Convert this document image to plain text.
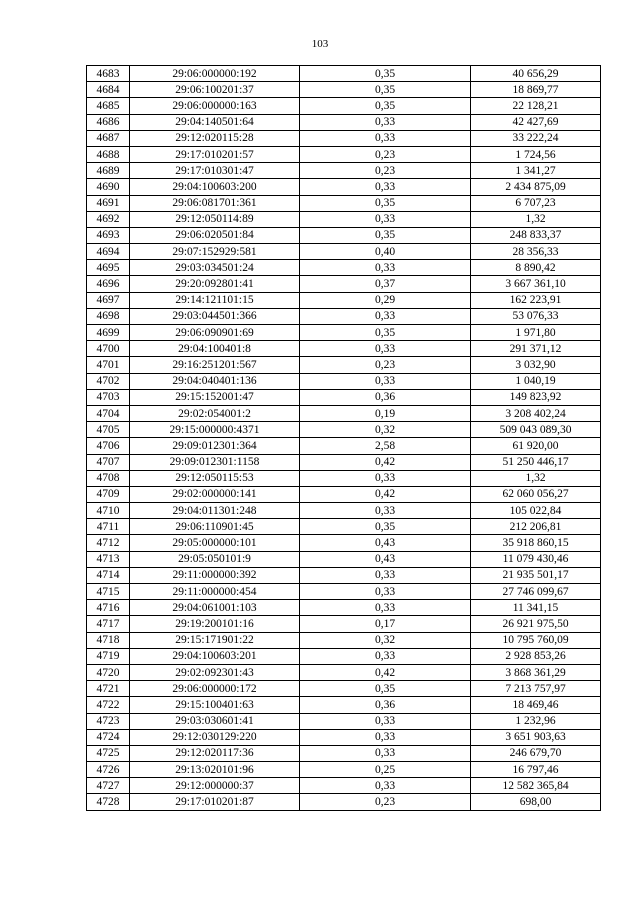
103
4683	29:06:000000:192	0,35	40 656,29
4684	29:06:100201:37	0,35	18 869,77
4685	29:06:000000:163	0,35	22 128,21
4686	29:04:140501:64	0,33	42 427,69
4687	29:12:020115:28	0,33	33 222,24
4688	29:17:010201:57	0,23	1 724,56
4689	29:17:010301:47	0,23	1 341,27
4690	29:04:100603:200	0,33	2 434 875,09
4691	29:06:081701:361	0,35	6 707,23
4692	29:12:050114:89	0,33	1,32
4693	29:06:020501:84	0,35	248 833,37
4694	29:07:152929:581	0,40	28 356,33
4695	29:03:034501:24	0,33	8 890,42
4696	29:20:092801:41	0,37	3 667 361,10
4697	29:14:121101:15	0,29	162 223,91
4698	29:03:044501:366	0,33	53 076,33
4699	29:06:090901:69	0,35	1 971,80
4700	29:04:100401:8	0,33	291 371,12
4701	29:16:251201:567	0,23	3 032,90
4702	29:04:040401:136	0,33	1 040,19
4703	29:15:152001:47	0,36	149 823,92
4704	29:02:054001:2	0,19	3 208 402,24
4705	29:15:000000:4371	0,32	509 043 089,30
4706	29:09:012301:364	2,58	61 920,00
4707	29:09:012301:1158	0,42	51 250 446,17
4708	29:12:050115:53	0,33	1,32
4709	29:02:000000:141	0,42	62 060 056,27
4710	29:04:011301:248	0,33	105 022,84
4711	29:06:110901:45	0,35	212 206,81
4712	29:05:000000:101	0,43	35 918 860,15
4713	29:05:050101:9	0,43	11 079 430,46
4714	29:11:000000:392	0,33	21 935 501,17
4715	29:11:000000:454	0,33	27 746 099,67
4716	29:04:061001:103	0,33	11 341,15
4717	29:19:200101:16	0,17	26 921 975,50
4718	29:15:171901:22	0,32	10 795 760,09
4719	29:04:100603:201	0,33	2 928 853,26
4720	29:02:092301:43	0,42	3 868 361,29
4721	29:06:000000:172	0,35	7 213 757,97
4722	29:15:100401:63	0,36	18 469,46
4723	29:03:030601:41	0,33	1 232,96
4724	29:12:030129:220	0,33	3 651 903,63
4725	29:12:020117:36	0,33	246 679,70
4726	29:13:020101:96	0,25	16 797,46
4727	29:12:000000:37	0,33	12 582 365,84
4728	29:17:010201:87	0,23	698,00
